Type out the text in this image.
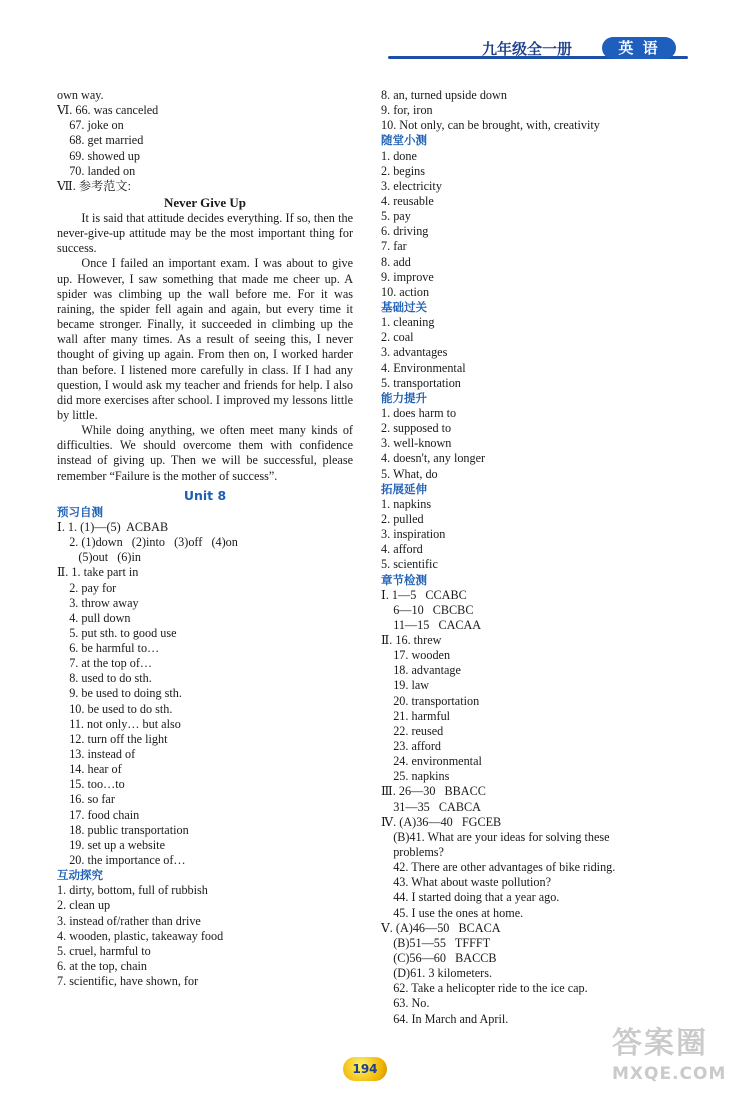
九年级全一册	英 语
own way.
Ⅵ. 66. was canceled
67. joke on
68. get married
69. showed up
70. landed on
Ⅶ. 参考范文:
Never Give Up

It is said that attitude decides everything. If so, then the never-give-up attitude may be the most important thing for success.

Once I failed an important exam. I was about to give up. However, I saw something that made me cheer up. A spider was climbing up the wall before me. For it was raining, the spider fell again and again, but every time it became stronger. Finally, it succeeded in climbing up the wall after many times. As a result of seeing this, I never thought of giving up again. From then on, I worked harder than before. I listened more carefully in class. If I had any question, I would ask my teacher and friends for help. I also did more exercises after school. I improved my lessons little by little.

While doing anything, we often meet many kinds of difficulties. We should overcome them with confidence instead of giving up. Then we will be successful, please remember “Failure is the mother of success”.

Unit 8
预习自测
Ⅰ. 1. (1)—(5)  ACBAB
2. (1)down   (2)into   (3)off   (4)on
(5)out   (6)in
Ⅱ. 1. take part in
2. pay for
3. throw away
4. pull down
5. put sth. to good use
6. be harmful to…
7. at the top of…
8. used to do sth.
9. be used to doing sth.
10. be used to do sth.
11. not only… but also
12. turn off the light
13. instead of
14. hear of
15. too…to
16. so far
17. food chain
18. public transportation
19. set up a website
20. the importance of…
互动探究
1. dirty, bottom, full of rubbish
2. clean up
3. instead of/rather than drive
4. wooden, plastic, takeaway food
5. cruel, harmful to
6. at the top, chain
7. scientific, have shown, for
8. an, turned upside down
9. for, iron
10. Not only, can be brought, with, creativity
随堂小测
1. done
2. begins
3. electricity
4. reusable
5. pay
6. driving
7. far
8. add
9. improve
10. action
基础过关
1. cleaning
2. coal
3. advantages
4. Environmental
5. transportation
能力提升
1. does harm to
2. supposed to
3. well-known
4. doesn't, any longer
5. What, do
拓展延伸
1. napkins
2. pulled
3. inspiration
4. afford
5. scientific
章节检测
Ⅰ. 1—5   CCABC
6—10   CBCBC
11—15   CACAA
Ⅱ. 16. threw
17. wooden
18. advantage
19. law
20. transportation
21. harmful
22. reused
23. afford
24. environmental
25. napkins
Ⅲ. 26—30   BBACC
31—35   CABCA
Ⅳ. (A)36—40   FGCEB
(B)41. What are your ideas for solving these
problems?
42. There are other advantages of bike riding.
43. What about waste pollution?
44. I started doing that a year ago.
45. I use the ones at home.
Ⅴ. (A)46—50   BCACA
(B)51—55   TFFFT
(C)56—60   BACCB
(D)61. 3 kilometers.
62. Take a helicopter ride to the ice cap.
63. No.
64. In March and April.
194
答案圈
MXQE.COM
